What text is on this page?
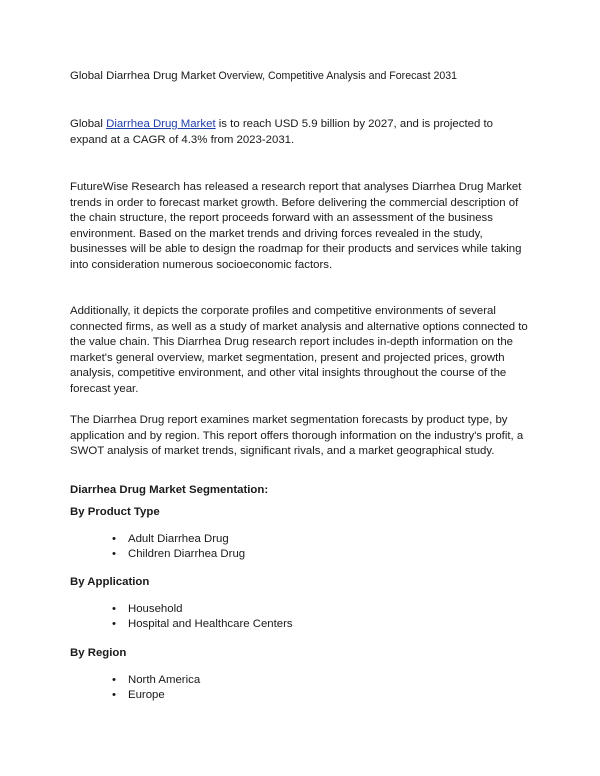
Global Diarrhea Drug Market Overview, Competitive Analysis and Forecast 2031

Global Diarrhea Drug Market is to reach USD 5.9 billion by 2027, and is projected to expand at a CAGR of 4.3% from 2023-2031.

FutureWise Research has released a research report that analyses Diarrhea Drug Market trends in order to forecast market growth. Before delivering the commercial description of the chain structure, the report proceeds forward with an assessment of the business environment. Based on the market trends and driving forces revealed in the study, businesses will be able to design the roadmap for their products and services while taking into consideration numerous socioeconomic factors.

Additionally, it depicts the corporate profiles and competitive environments of several connected firms, as well as a study of market analysis and alternative options connected to the value chain. This Diarrhea Drug research report includes in-depth information on the market's general overview, market segmentation, present and projected prices, growth analysis, competitive environment, and other vital insights throughout the course of the forecast year.

The Diarrhea Drug report examines market segmentation forecasts by product type, by application and by region. This report offers thorough information on the industry's profit, a SWOT analysis of market trends, significant rivals, and a market geographical study.

Diarrhea Drug Market Segmentation:

By Product Type

• Adult Diarrhea Drug
• Children Diarrhea Drug

By Application

• Household
• Hospital and Healthcare Centers

By Region

• North America
• Europe
